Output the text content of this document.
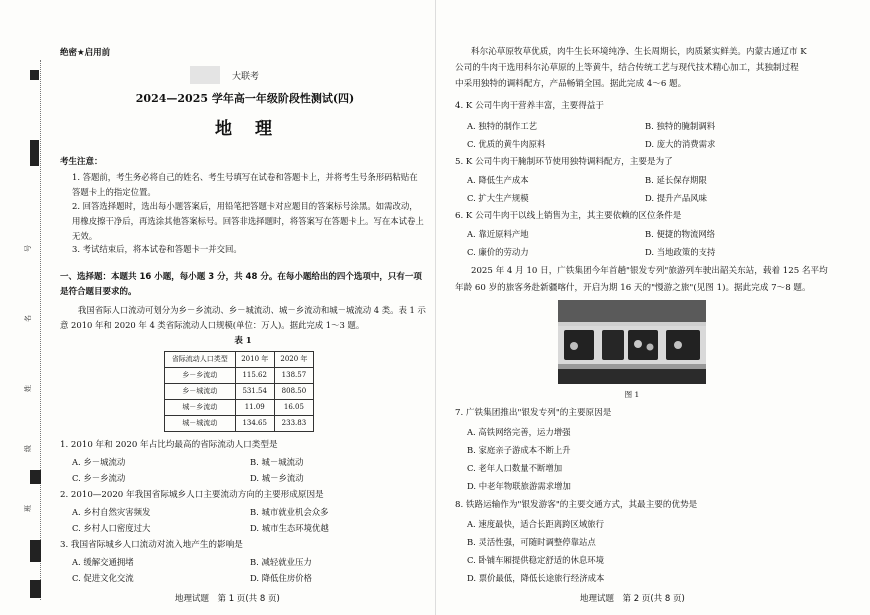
号
名
姓
级
班
绝密★启用前
大联考
2024—2025 学年高一年级阶段性测试(四)
地　理
考生注意：
1. 答题前，考生务必将自己的姓名、考生号填写在试卷和答题卡上，并将考生号条形码粘贴在答题卡上的指定位置。
2. 回答选择题时，选出每小题答案后，用铅笔把答题卡对应题目的答案标号涂黑。如需改动，用橡皮擦干净后，再选涂其他答案标号。回答非选择题时，将答案写在答题卡上。写在本试卷上无效。
3. 考试结束后，将本试卷和答题卡一并交回。
一、选择题：本题共 16 小题，每小题 3 分，共 48 分。在每小题给出的四个选项中，只有一项是符合题目要求的。
我国省际人口流动可划分为乡－乡流动、乡－城流动、城－乡流动和城－城流动 4 类。表 1 示意 2010 年和 2020 年 4 类省际流动人口规模(单位：万人)。据此完成 1～3 题。
表 1
省际流动人口类型	2010 年	2020 年
乡－乡流动	115.62	138.57
乡－城流动	531.54	808.50
城－乡流动	11.09	16.05
城－城流动	134.65	233.83
1. 2010 年和 2020 年占比均最高的省际流动人口类型是
A. 乡－城流动	B. 城－城流动
C. 乡－乡流动	D. 城－乡流动
2. 2010—2020 年我国省际城乡人口主要流动方向的主要形成原因是
A. 乡村自然灾害频发	B. 城市就业机会众多
C. 乡村人口密度过大	D. 城市生态环境优越
3. 我国省际城乡人口流动对流入地产生的影响是
A. 缓解交通拥堵	B. 减轻就业压力
C. 促进文化交流	D. 降低住房价格
地理试题　第 1 页(共 8 页)
科尔沁草原牧草优质，肉牛生长环境纯净、生长周期长，肉质紧实鲜美。内蒙古通辽市 K
公司的牛肉干选用科尔沁草原的上等黄牛，结合传统工艺与现代技术精心加工，其独制过程
中采用独特的调料配方，产品畅销全国。据此完成 4～6 题。
4. K 公司牛肉干营养丰富，主要得益于
A. 独特的制作工艺	B. 独特的腌制调料
C. 优质的黄牛肉原料	D. 庞大的消费需求
5. K 公司牛肉干腌制环节使用独特调料配方，主要是为了
A. 降低生产成本	B. 延长保存期限
C. 扩大生产规模	D. 提升产品风味
6. K 公司牛肉干以线上销售为主，其主要依赖的区位条件是
A. 靠近原料产地	B. 便捷的物流网络
C. 廉价的劳动力	D. 当地政策的支持
2025 年 4 月 10 日，广铁集团今年首趟"银发专列"旅游列车驶出韶关东站，载着 125 名平均
年龄 60 岁的旅客务赴新疆喀什，开启为期 16 天的"慢游之旅"(见图 1)。据此完成 7～8 题。
图 1
7. 广铁集团推出"银发专列"的主要原因是
A. 高铁网络完善，运力增强
B. 家庭亲子游成本不断上升
C. 老年人口数量不断增加
D. 中老年物联旅游需求增加
8. 铁路运输作为"银发游客"的主要交通方式，其最主要的优势是
A. 速度最快，适合长距离跨区域旅行
B. 灵活性强，可随时调整停靠站点
C. 卧铺车厢提供稳定舒适的休息环境
D. 票价最低，降低长途旅行经济成本
地理试题　第 2 页(共 8 页)
